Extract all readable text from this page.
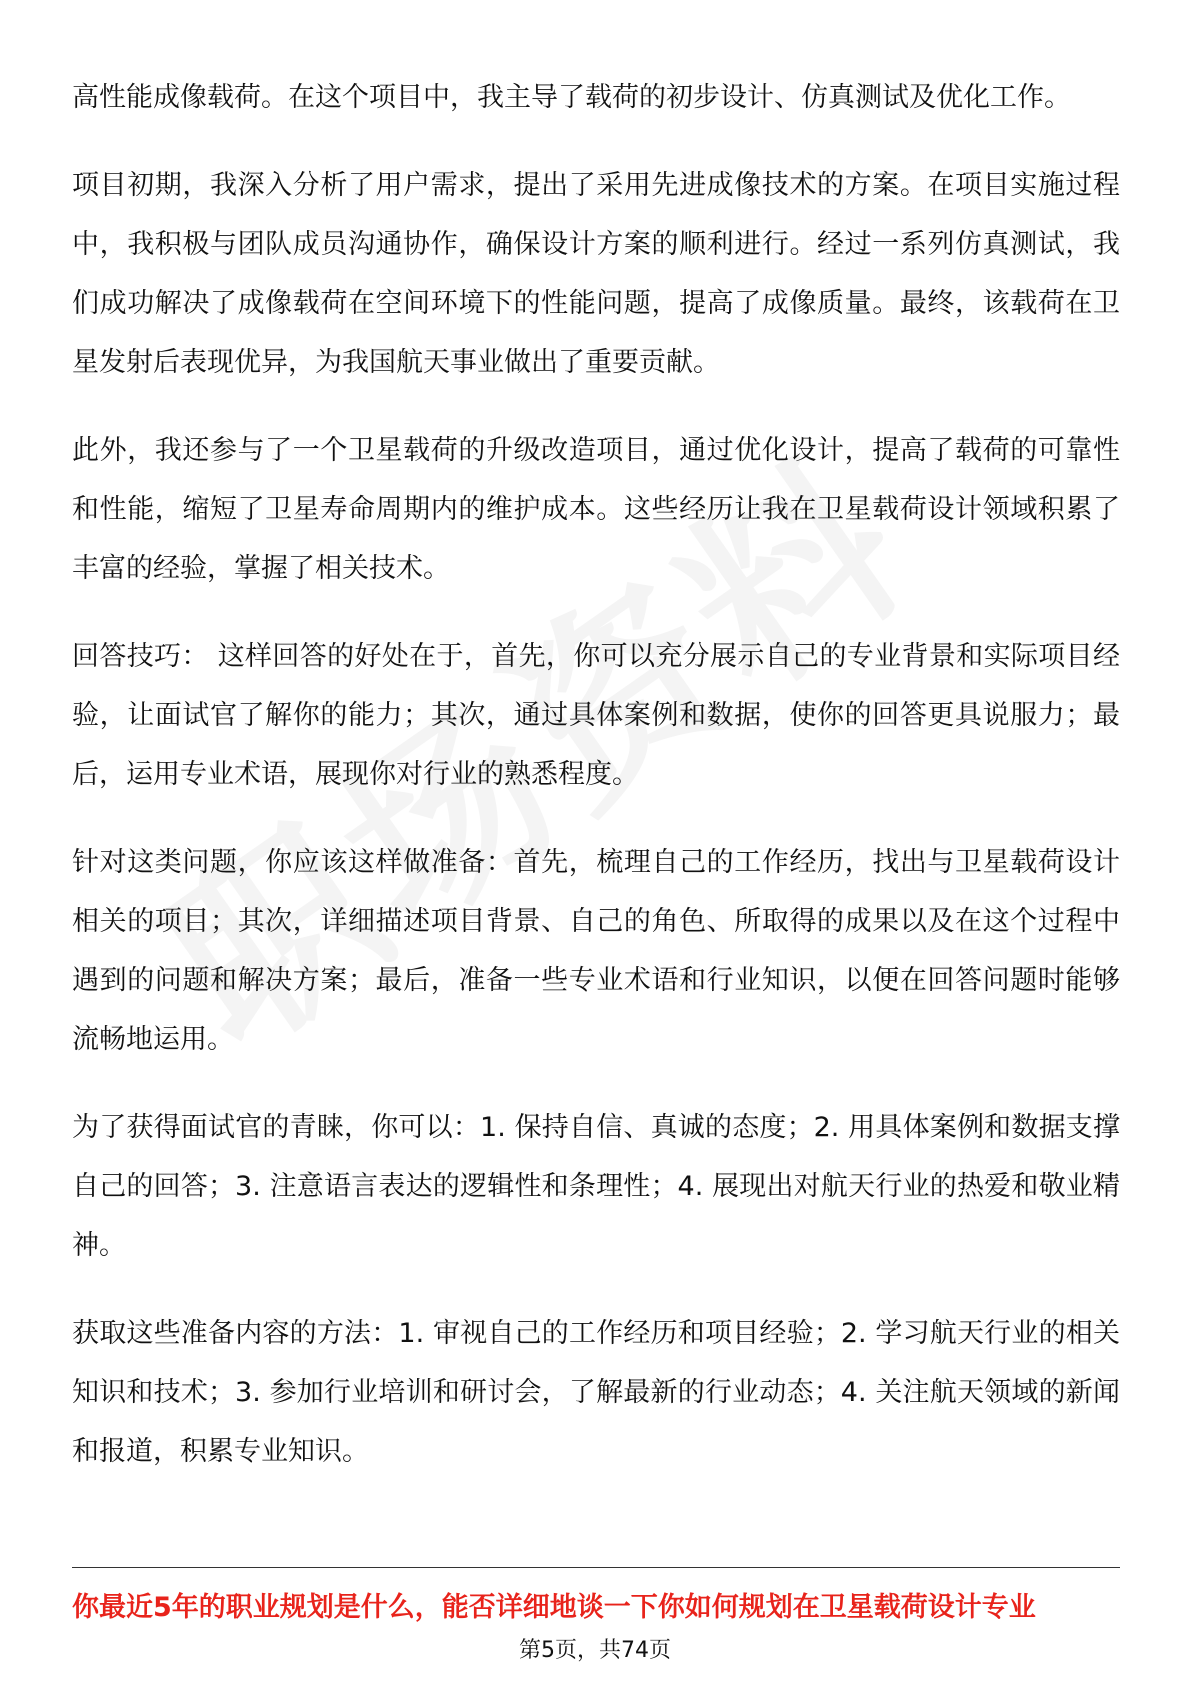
高性能成像载荷。在这个项目中，我主导了载荷的初步设计、仿真测试及优化工作。

项目初期，我深入分析了用户需求，提出了采用先进成像技术的方案。在项目实施过程中，我积极与团队成员沟通协作，确保设计方案的顺利进行。经过一系列仿真测试，我们成功解决了成像载荷在空间环境下的性能问题，提高了成像质量。最终，该载荷在卫星发射后表现优异，为我国航天事业做出了重要贡献。

此外，我还参与了一个卫星载荷的升级改造项目，通过优化设计，提高了载荷的可靠性和性能，缩短了卫星寿命周期内的维护成本。这些经历让我在卫星载荷设计领域积累了丰富的经验，掌握了相关技术。

回答技巧： 这样回答的好处在于，首先，你可以充分展示自己的专业背景和实际项目经验，让面试官了解你的能力；其次，通过具体案例和数据，使你的回答更具说服力；最后，运用专业术语，展现你对行业的熟悉程度。

针对这类问题，你应该这样做准备：首先，梳理自己的工作经历，找出与卫星载荷设计相关的项目；其次，详细描述项目背景、自己的角色、所取得的成果以及在这个过程中遇到的问题和解决方案；最后，准备一些专业术语和行业知识，以便在回答问题时能够流畅地运用。

为了获得面试官的青睐，你可以：1. 保持自信、真诚的态度；2. 用具体案例和数据支撑自己的回答；3. 注意语言表达的逻辑性和条理性；4. 展现出对航天行业的热爱和敬业精神。

获取这些准备内容的方法：1. 审视自己的工作经历和项目经验；2. 学习航天行业的相关知识和技术；3. 参加行业培训和研讨会，了解最新的行业动态；4. 关注航天领域的新闻和报道，积累专业知识。

你最近5年的职业规划是什么，能否详细地谈一下你如何规划在卫星载荷设计专业
第5页，共74页
